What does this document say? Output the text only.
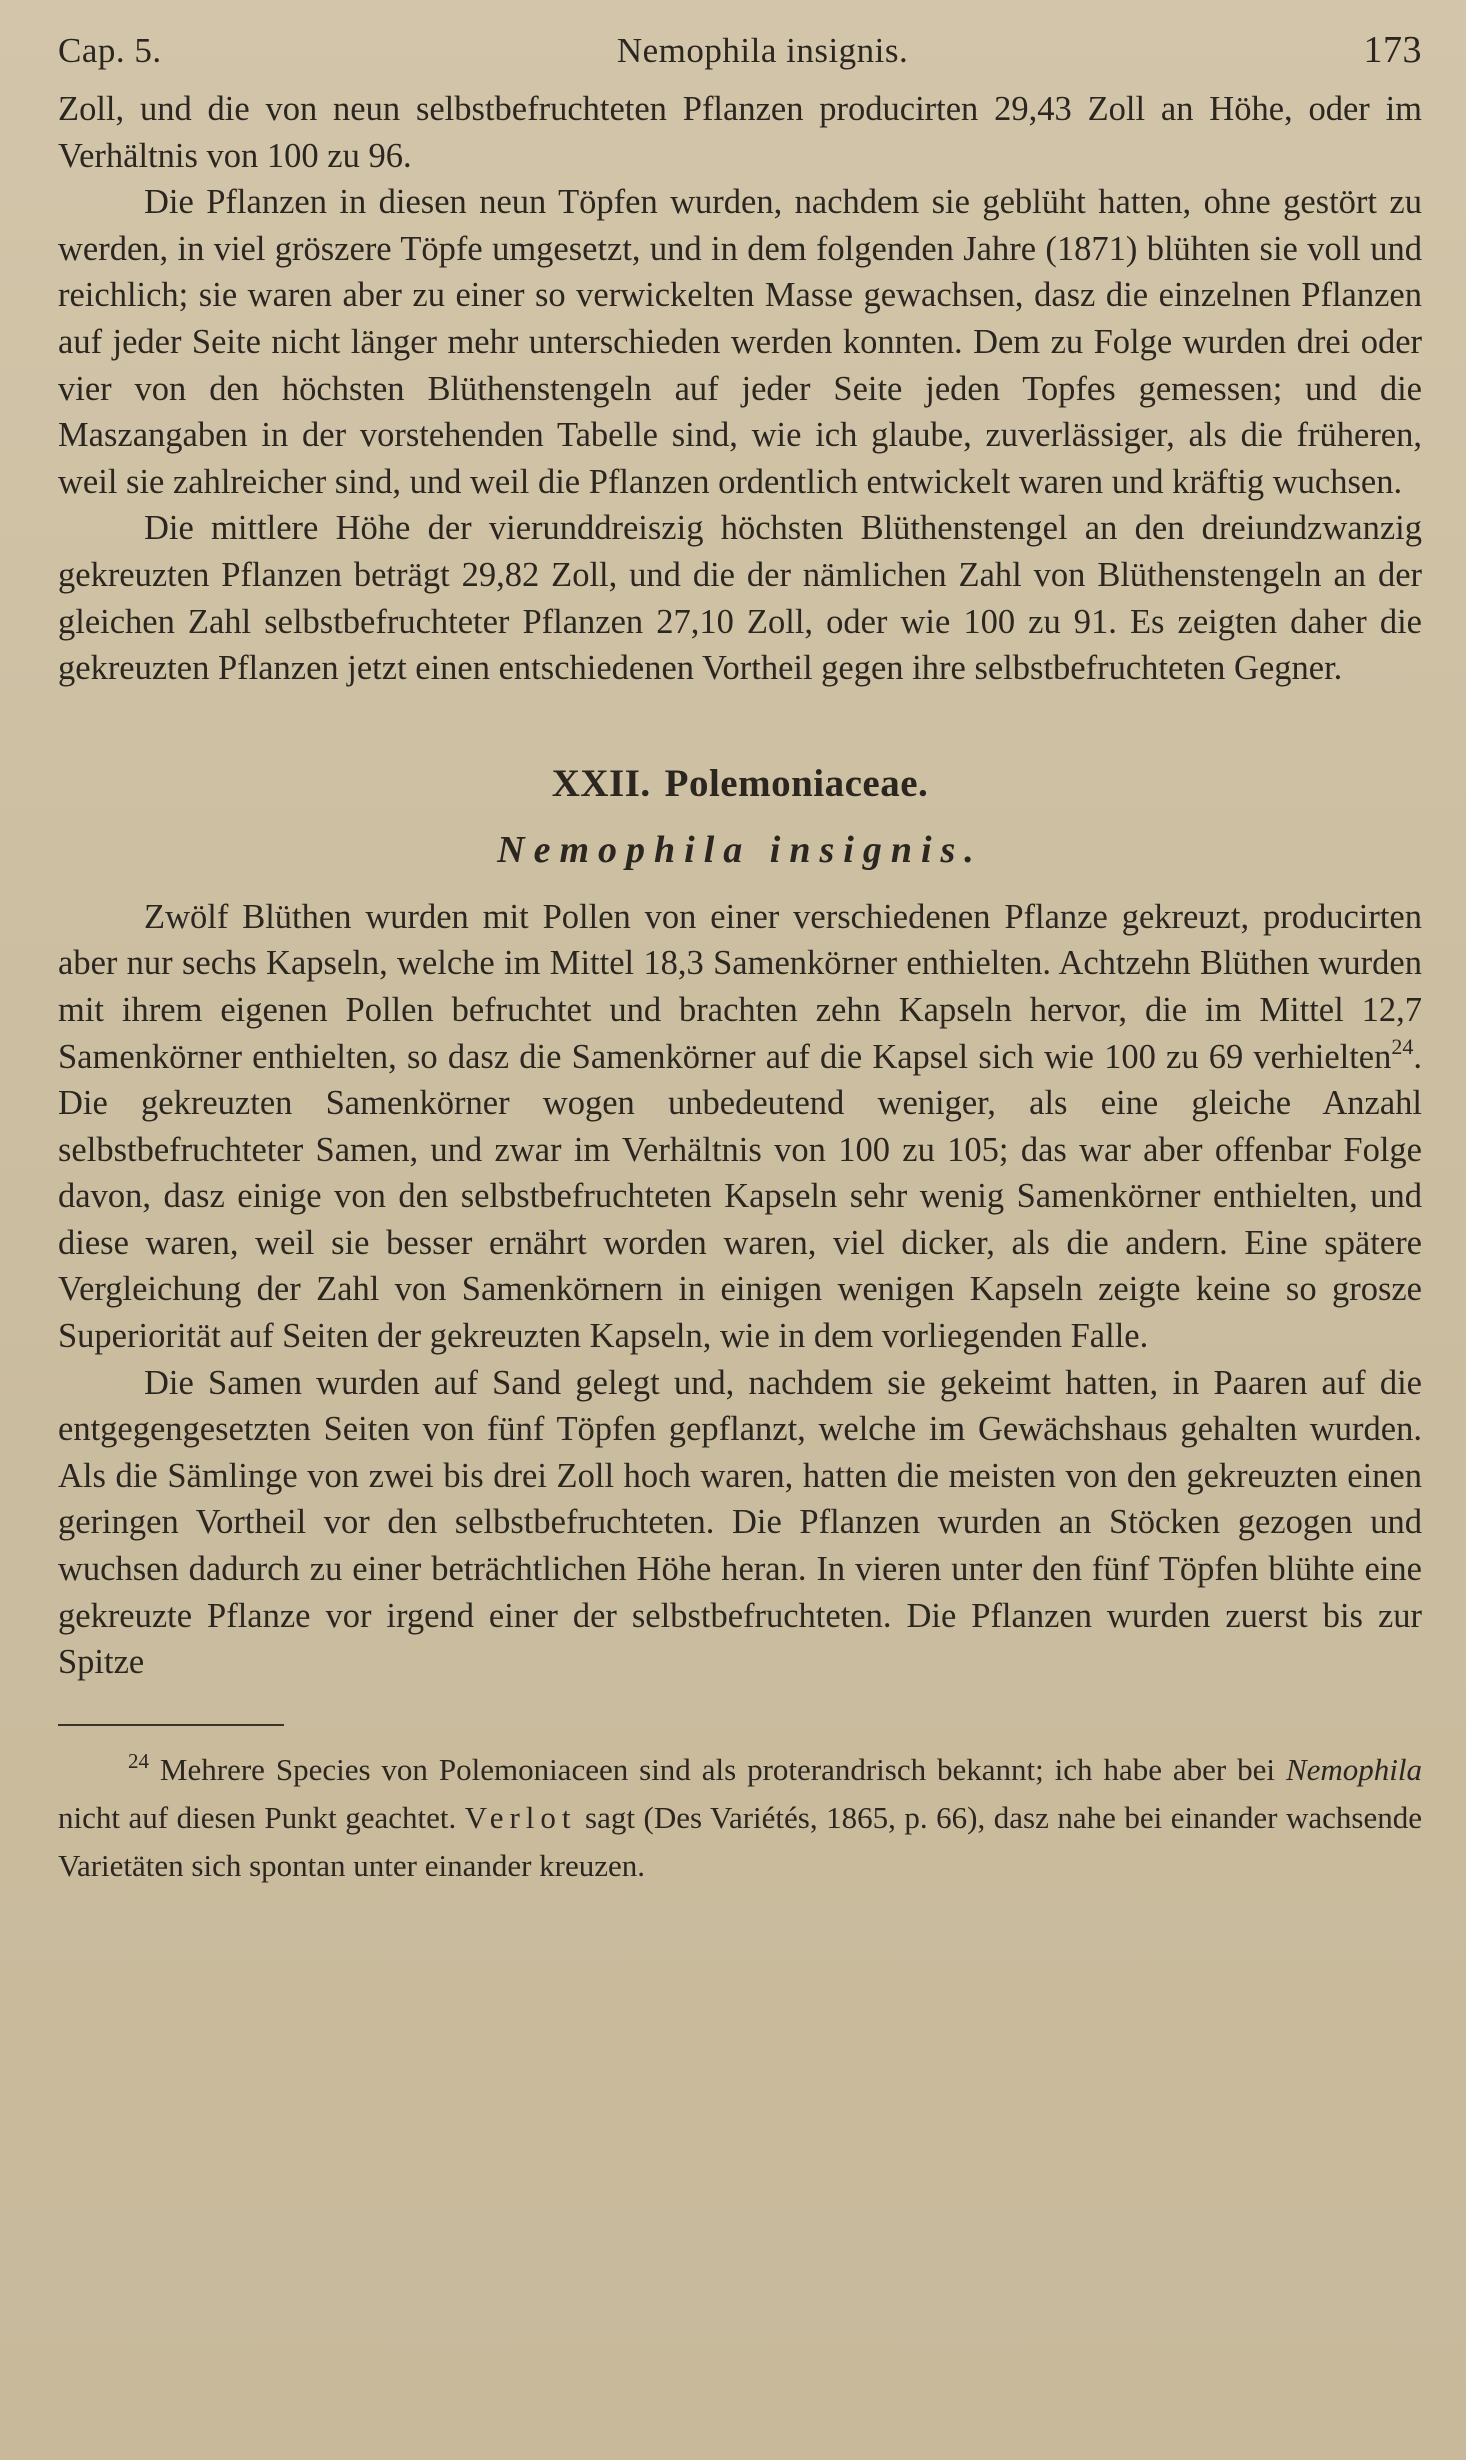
Cap. 5.	Nemophila insignis.	173

Zoll, und die von neun selbstbefruchteten Pflanzen producirten 29,43 Zoll an Höhe, oder im Verhältnis von 100 zu 96.

Die Pflanzen in diesen neun Töpfen wurden, nachdem sie geblüht hatten, ohne gestört zu werden, in viel gröszere Töpfe umgesetzt, und in dem folgenden Jahre (1871) blühten sie voll und reichlich; sie waren aber zu einer so verwickelten Masse gewachsen, dasz die einzelnen Pflanzen auf jeder Seite nicht länger mehr unterschieden werden konnten. Dem zu Folge wurden drei oder vier von den höchsten Blüthenstengeln auf jeder Seite jeden Topfes gemessen; und die Maszangaben in der vorstehenden Tabelle sind, wie ich glaube, zuverlässiger, als die früheren, weil sie zahlreicher sind, und weil die Pflanzen ordentlich entwickelt waren und kräftig wuchsen.

Die mittlere Höhe der vierunddreiszig höchsten Blüthenstengel an den dreiundzwanzig gekreuzten Pflanzen beträgt 29,82 Zoll, und die der nämlichen Zahl von Blüthenstengeln an der gleichen Zahl selbstbefruchteter Pflanzen 27,10 Zoll, oder wie 100 zu 91. Es zeigten daher die gekreuzten Pflanzen jetzt einen entschiedenen Vortheil gegen ihre selbstbefruchteten Gegner.

XXII. Polemoniaceae.
Nemophila insignis.

Zwölf Blüthen wurden mit Pollen von einer verschiedenen Pflanze gekreuzt, producirten aber nur sechs Kapseln, welche im Mittel 18,3 Samenkörner enthielten. Achtzehn Blüthen wurden mit ihrem eigenen Pollen befruchtet und brachten zehn Kapseln hervor, die im Mittel 12,7 Samenkörner enthielten, so dasz die Samenkörner auf die Kapsel sich wie 100 zu 69 verhielten$^{24}$. Die gekreuzten Samenkörner wogen unbedeutend weniger, als eine gleiche Anzahl selbstbefruchteter Samen, und zwar im Verhältnis von 100 zu 105; das war aber offenbar Folge davon, dasz einige von den selbstbefruchteten Kapseln sehr wenig Samenkörner enthielten, und diese waren, weil sie besser ernährt worden waren, viel dicker, als die andern. Eine spätere Vergleichung der Zahl von Samenkörnern in einigen wenigen Kapseln zeigte keine so grosze Superiorität auf Seiten der gekreuzten Kapseln, wie in dem vorliegenden Falle.

Die Samen wurden auf Sand gelegt und, nachdem sie gekeimt hatten, in Paaren auf die entgegengesetzten Seiten von fünf Töpfen gepflanzt, welche im Gewächshaus gehalten wurden. Als die Sämlinge von zwei bis drei Zoll hoch waren, hatten die meisten von den gekreuzten einen geringen Vortheil vor den selbstbefruchteten. Die Pflanzen wurden an Stöcken gezogen und wuchsen dadurch zu einer beträchtlichen Höhe heran. In vieren unter den fünf Töpfen blühte eine gekreuzte Pflanze vor irgend einer der selbstbefruchteten. Die Pflanzen wurden zuerst bis zur Spitze

$^{24}$ Mehrere Species von Polemoniaceen sind als proterandrisch bekannt; ich habe aber bei Nemophila nicht auf diesen Punkt geachtet. Verlot sagt (Des Variétés, 1865, p. 66), dasz nahe bei einander wachsende Varietäten sich spontan unter einander kreuzen.
